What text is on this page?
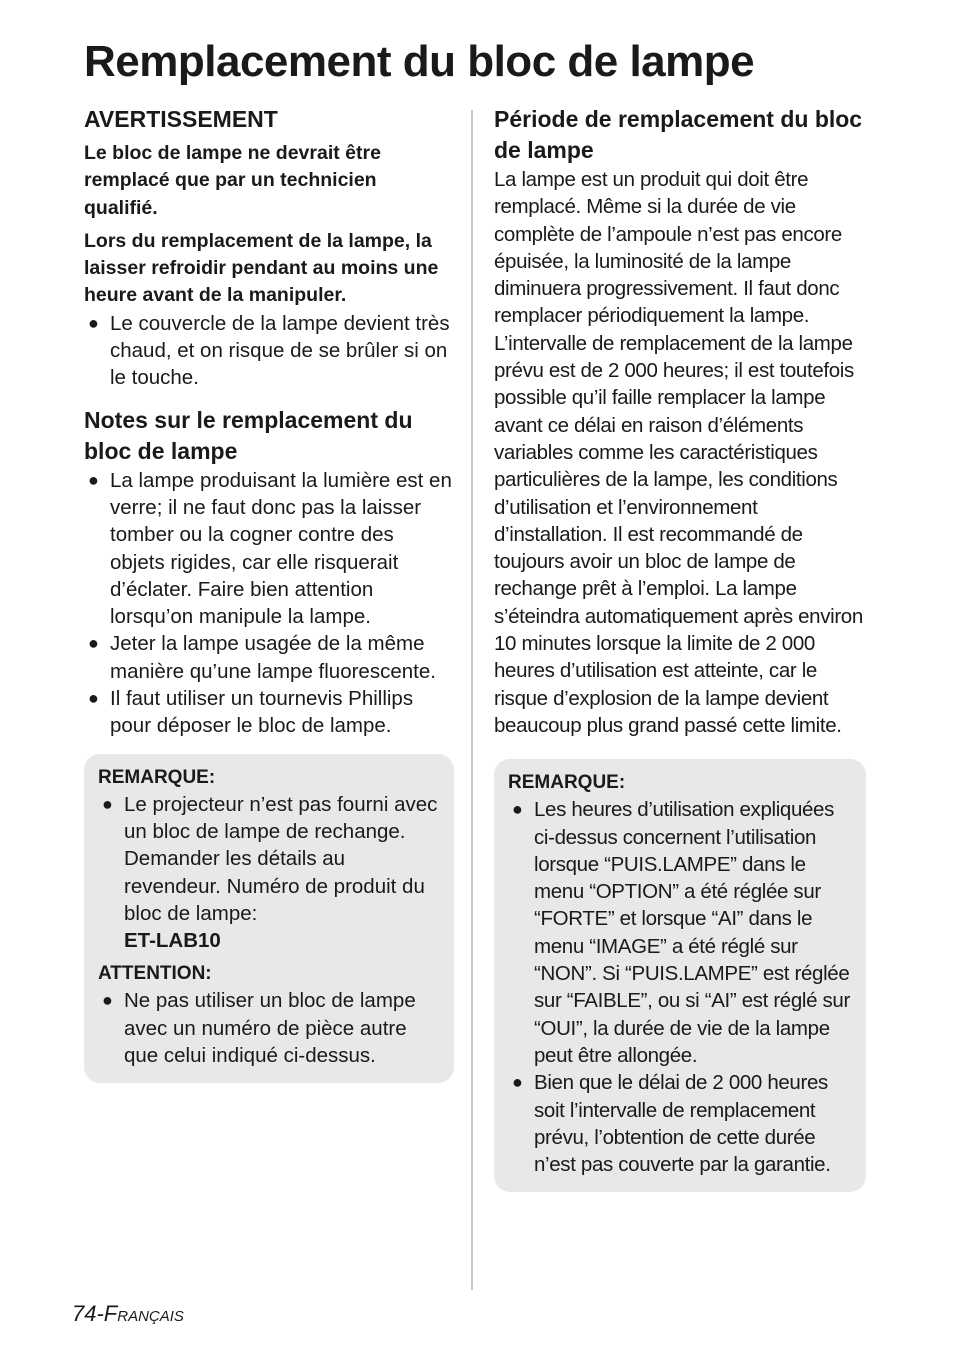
Remplacement du bloc de lampe
AVERTISSEMENT

Le bloc de lampe ne devrait être remplacé que par un technicien qualifié.

Lors du remplacement de la lampe, la laisser refroidir pendant au moins une heure avant de la manipuler.

● Le couvercle de la lampe devient très chaud, et on risque de se brûler si on le touche.
Notes sur le remplacement du bloc de lampe
● La lampe produisant la lumière est en verre; il ne faut donc pas la laisser tomber ou la cogner contre des objets rigides, car elle risquerait d’éclater. Faire bien attention lorsqu’on manipule la lampe.
● Jeter la lampe usagée de la même manière qu’une lampe fluorescente.
● Il faut utiliser un tournevis Phillips pour déposer le bloc de lampe.

REMARQUE:

● Le projecteur n’est pas fourni avec un bloc de lampe de rechange. Demander les détails au revendeur. Numéro de produit du bloc de lampe:
ET-LAB10

ATTENTION:

● Ne pas utiliser un bloc de lampe avec un numéro de pièce autre que celui indiqué ci-dessus.
Période de remplacement du bloc de lampe

La lampe est un produit qui doit être remplacé. Même si la durée de vie complète de l’ampoule n’est pas encore épuisée, la luminosité de la lampe diminuera progressivement. Il faut donc remplacer périodiquement la lampe. L’intervalle de remplacement de la lampe prévu est de 2 000 heures; il est toutefois possible qu’il faille remplacer la lampe avant ce délai en raison d’éléments variables comme les caractéristiques particulières de la lampe, les conditions d’utilisation et l’environnement d’installation. Il est recommandé de toujours avoir un bloc de lampe de rechange prêt à l’emploi. La lampe s’éteindra automatiquement après environ 10 minutes lorsque la limite de 2 000 heures d’utilisation est atteinte, car le risque d’explosion de la lampe devient beaucoup plus grand passé cette limite.

REMARQUE:

● Les heures d’utilisation expliquées ci-dessus concernent l’utilisation lorsque “PUIS.LAMPE” dans le menu “OPTION” a été réglée sur “FORTE” et lorsque “AI” dans le menu “IMAGE” a été réglé sur “NON”. Si “PUIS.LAMPE” est réglée sur “FAIBLE”, ou si “AI” est réglé sur “OUI”, la durée de vie de la lampe peut être allongée.
● Bien que le délai de 2 000 heures soit l’intervalle de remplacement prévu, l’obtention de cette durée n’est pas couverte par la garantie.
74-Français
